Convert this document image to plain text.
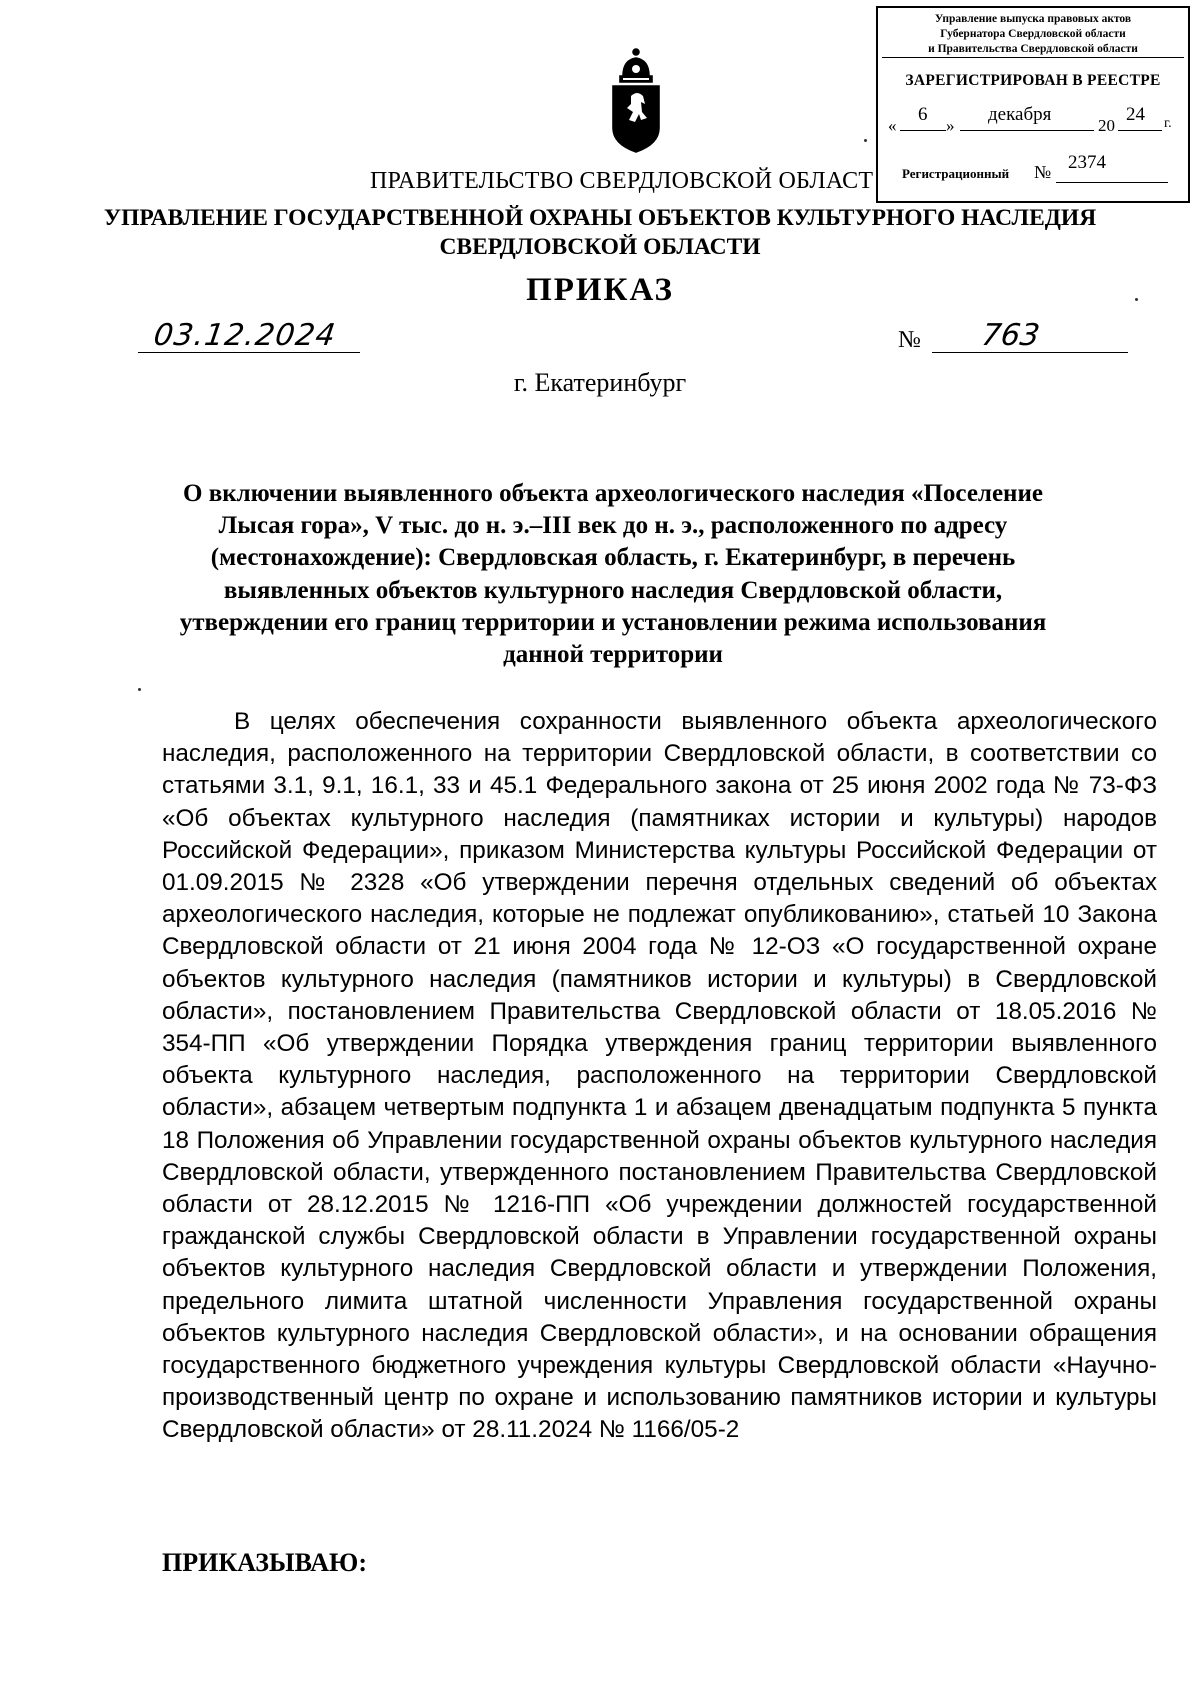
Управление выпуска правовых актов
Губернатора Свердловской области
и Правительства Свердловской области
ЗАРЕГИСТРИРОВАН В РЕЕСТРЕ
«
6
»
декабря
20
24 г.
Регистрационный № 2374
ПРАВИТЕЛЬСТВО СВЕРДЛОВСКОЙ ОБЛАСТ
УПРАВЛЕНИЕ ГОСУДАРСТВЕННОЙ ОХРАНЫ ОБЪЕКТОВ КУЛЬТУРНОГО НАСЛЕДИЯ
СВЕРДЛОВСКОЙ ОБЛАСТИ
ПРИКАЗ
03.12.2024	№ 763
г. Екатеринбург
О включении выявленного объекта археологического наследия «Поселение Лысая гора», V тыс. до н. э.–III век до н. э., расположенного по адресу (местонахождение): Свердловская область, г. Екатеринбург, в перечень выявленных объектов культурного наследия Свердловской области, утверждении его границ территории и установлении режима использования данной территории
В целях обеспечения сохранности выявленного объекта археологического наследия, расположенного на территории Свердловской области, в соответствии со статьями 3.1, 9.1, 16.1, 33 и 45.1 Федерального закона от 25 июня 2002 года № 73-ФЗ «Об объектах культурного наследия (памятниках истории и культуры) народов Российской Федерации», приказом Министерства культуры Российской Федерации от 01.09.2015 № 2328 «Об утверждении перечня отдельных сведений об объектах археологического наследия, которые не подлежат опубликованию», статьей 10 Закона Свердловской области от 21 июня 2004 года № 12-ОЗ «О государственной охране объектов культурного наследия (памятников истории и культуры) в Свердловской области», постановлением Правительства Свердловской области от 18.05.2016 № 354-ПП «Об утверждении Порядка утверждения границ территории выявленного объекта культурного наследия, расположенного на территории Свердловской области», абзацем четвертым подпункта 1 и абзацем двенадцатым подпункта 5 пункта 18 Положения об Управлении государственной охраны объектов культурного наследия Свердловской области, утвержденного постановлением Правительства Свердловской области от 28.12.2015 № 1216-ПП «Об учреждении должностей государственной гражданской службы Свердловской области в Управлении государственной охраны объектов культурного наследия Свердловской области и утверждении Положения, предельного лимита штатной численности Управления государственной охраны объектов культурного наследия Свердловской области», и на основании обращения государственного бюджетного учреждения культуры Свердловской области «Научно-производственный центр по охране и использованию памятников истории и культуры Свердловской области» от 28.11.2024 № 1166/05-2
ПРИКАЗЫВАЮ:
